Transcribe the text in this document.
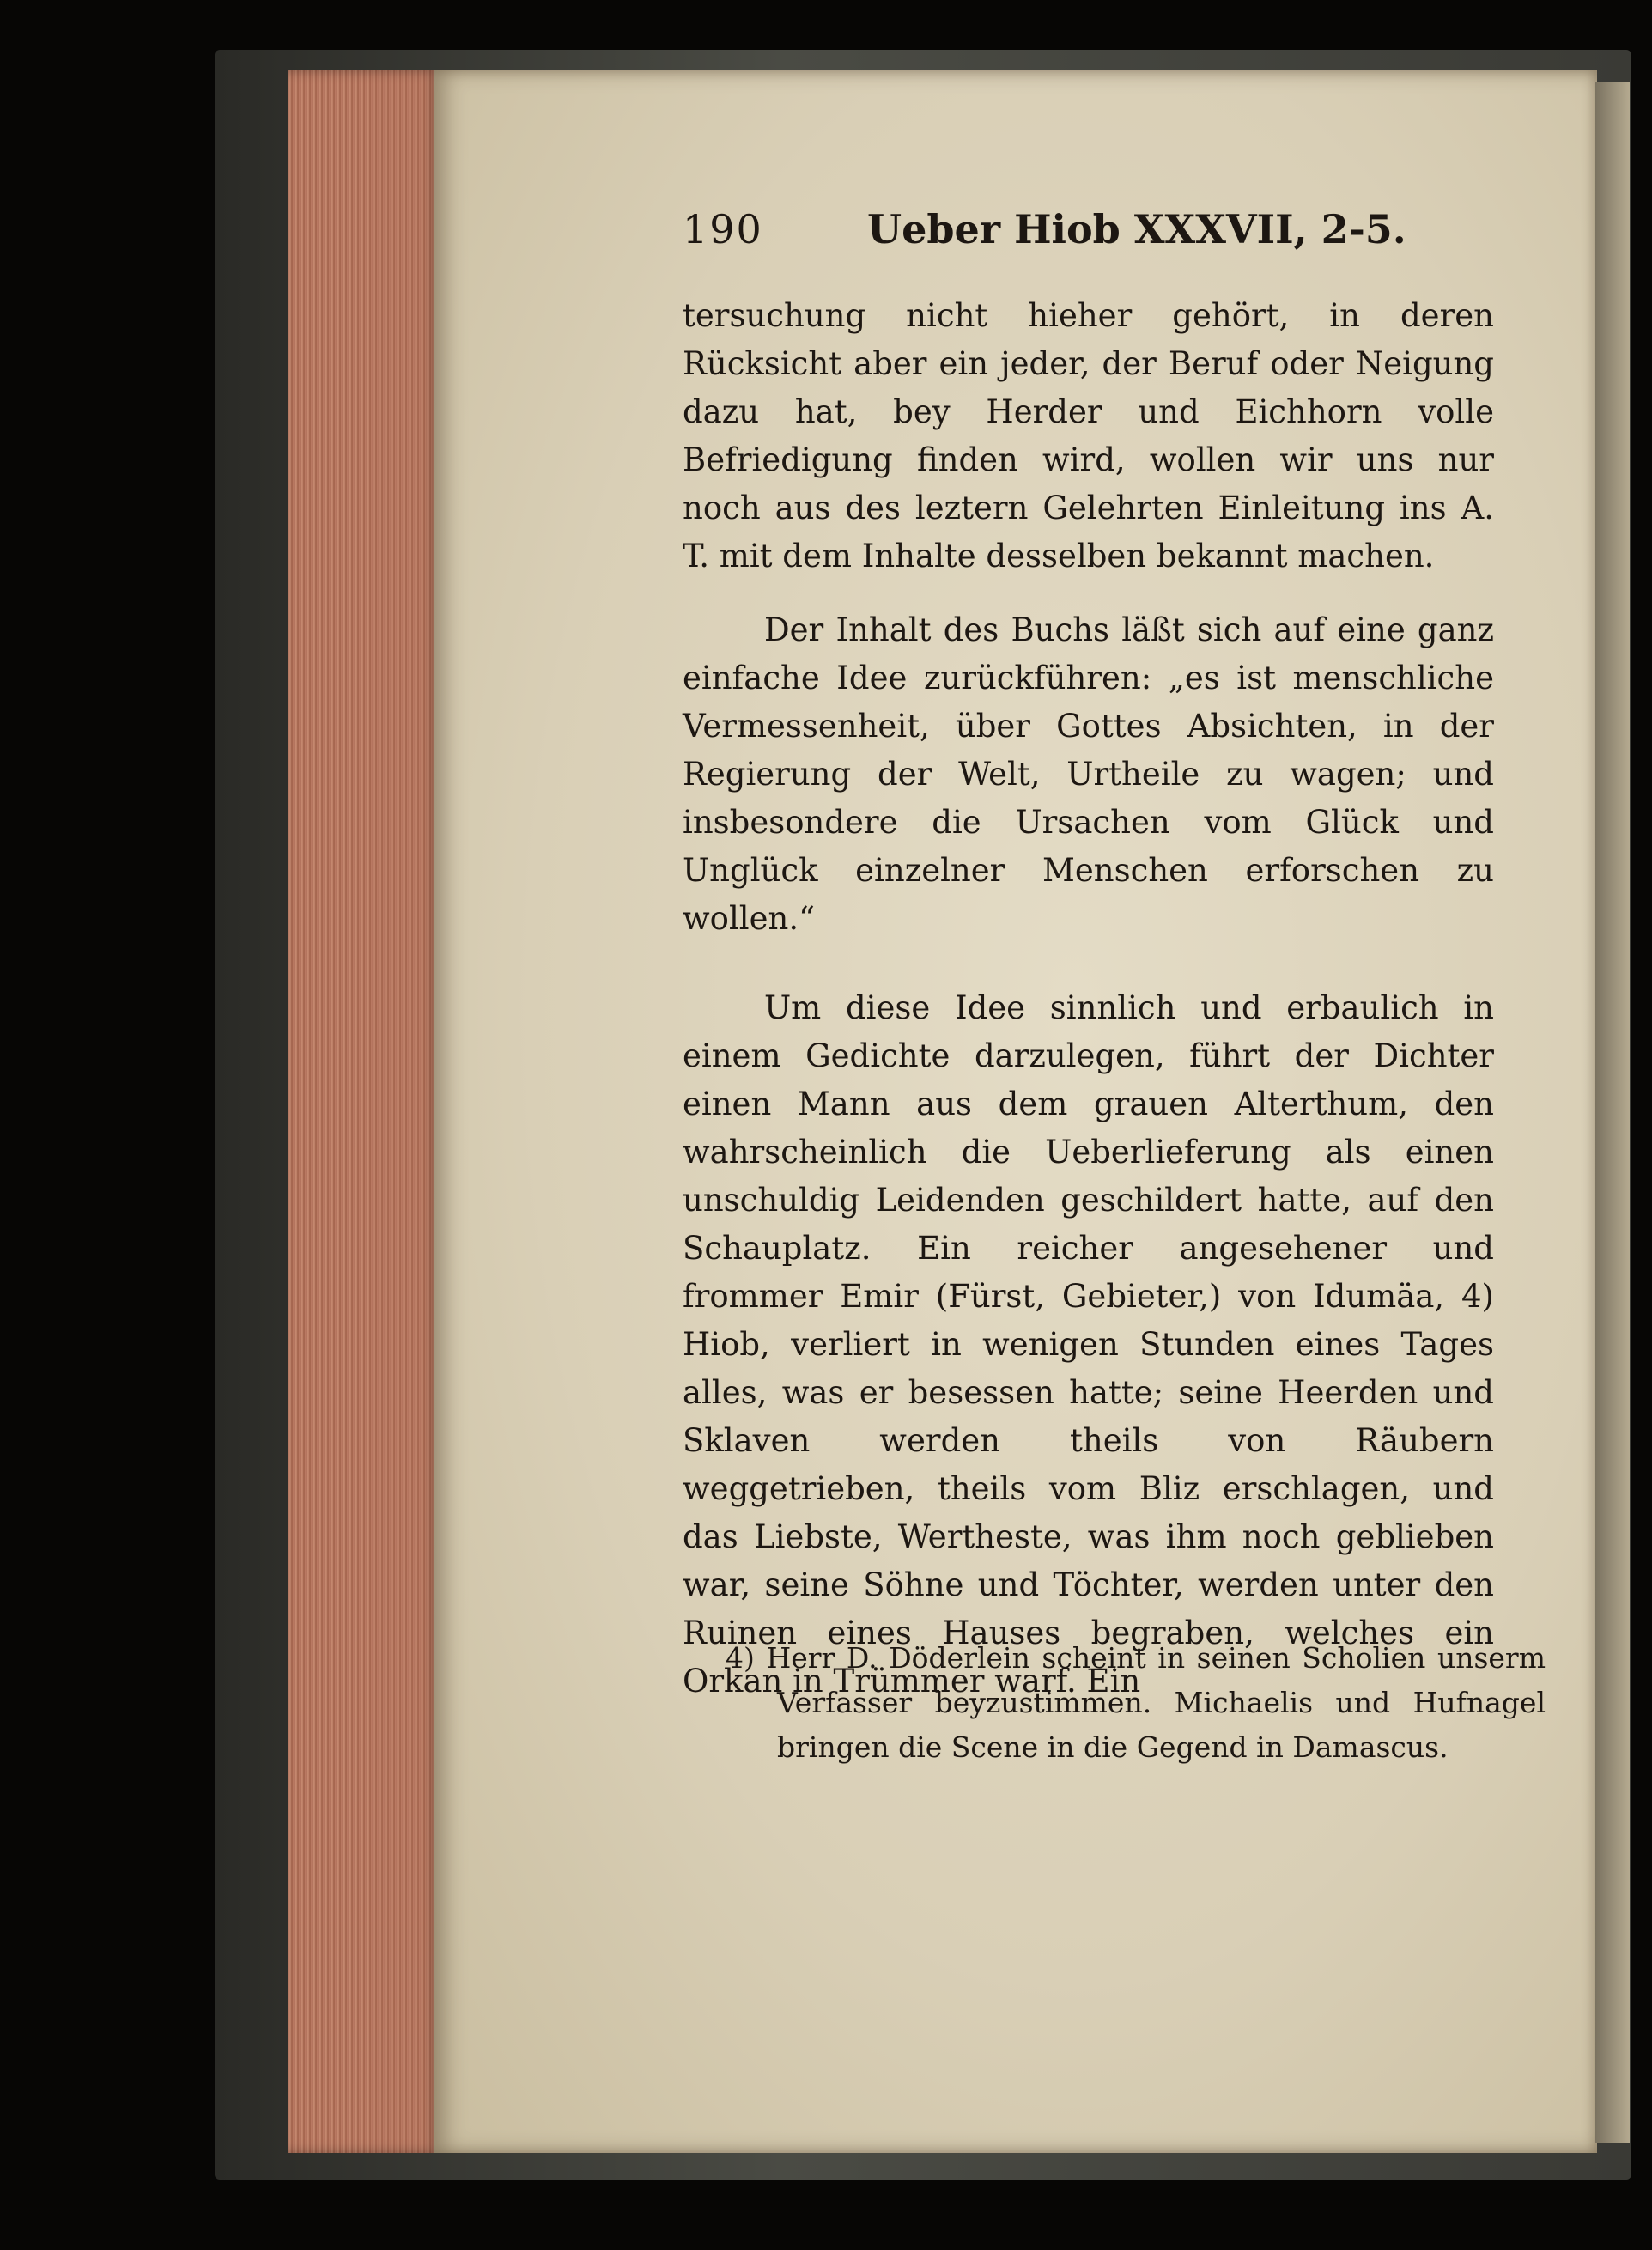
190	Ueber Hiob XXXVII, 2-5.

tersuchung nicht hieher gehört, in deren Rücksicht aber ein jeder, der Beruf oder Neigung dazu hat, bey Herder und Eichhorn volle Befriedigung finden wird, wollen wir uns nur noch aus des leztern Gelehrten Einleitung ins A. T. mit dem Inhalte desselben bekannt machen.

Der Inhalt des Buchs läßt sich auf eine ganz einfache Idee zurückführen: „es ist menschliche Vermessenheit, über Gottes Absichten, in der Regierung der Welt, Urtheile zu wagen; und insbesondere die Ursachen vom Glück und Unglück einzelner Menschen erforschen zu wollen.“

Um diese Idee sinnlich und erbaulich in einem Gedichte darzulegen, führt der Dichter einen Mann aus dem grauen Alterthum, den wahrscheinlich die Ueberlieferung als einen unschuldig Leidenden geschildert hatte, auf den Schauplatz. Ein reicher angesehener und frommer Emir (Fürst, Gebieter,) von Idumäa, 4) Hiob, verliert in wenigen Stunden eines Tages alles, was er besessen hatte; seine Heerden und Sklaven werden theils von Räubern weggetrieben, theils vom Bliz erschlagen, und das Liebste, Wertheste, was ihm noch geblieben war, seine Söhne und Töchter, werden unter den Ruinen eines Hauses begraben, welches ein Orkan in Trümmer warf. Ein

4) Herr D. Döderlein scheint in seinen Scholien unserm Verfasser beyzustimmen. Michaelis und Hufnagel bringen die Scene in die Gegend in Damascus.
